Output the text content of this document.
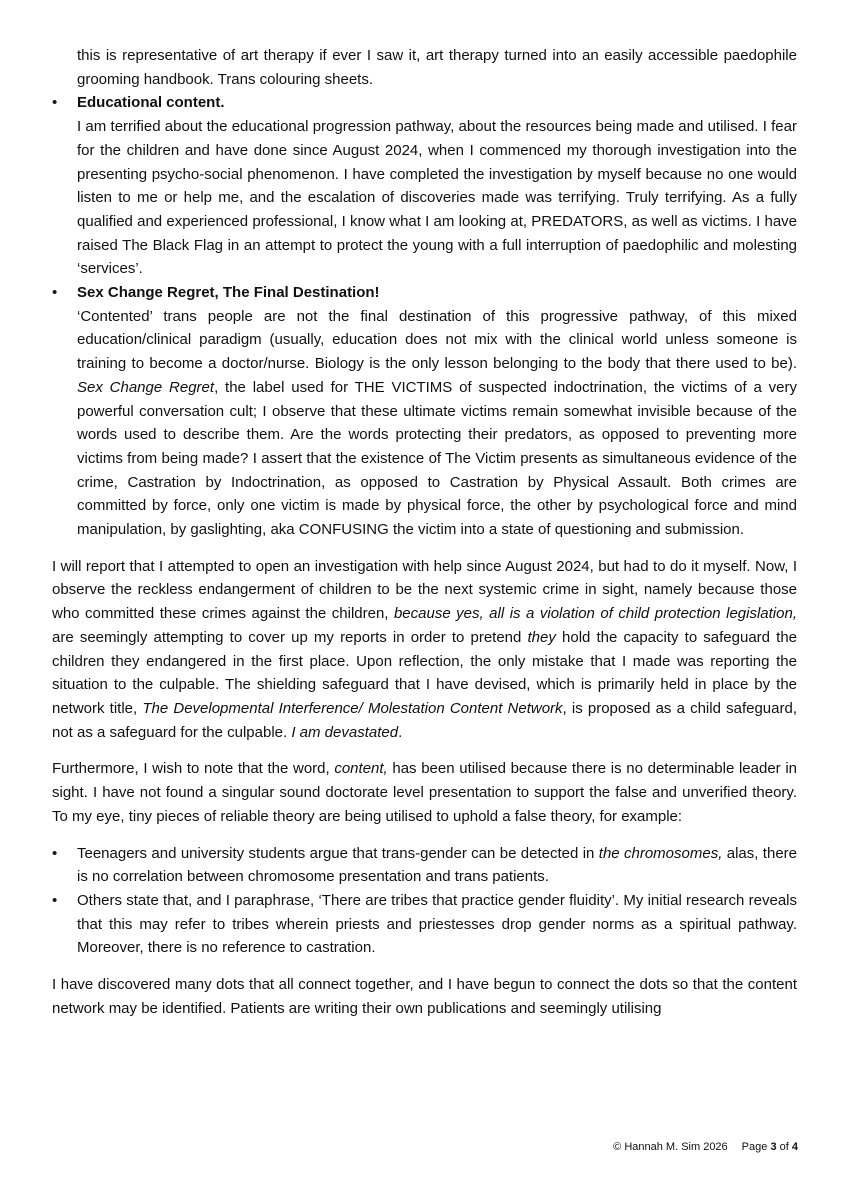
this is representative of art therapy if ever I saw it, art therapy turned into an easily accessible paedophile grooming handbook. Trans colouring sheets.

• Educational content.

I am terrified about the educational progression pathway, about the resources being made and utilised. I fear for the children and have done since August 2024, when I commenced my thorough investigation into the presenting psycho-social phenomenon. I have completed the investigation by myself because no one would listen to me or help me, and the escalation of discoveries made was terrifying. Truly terrifying. As a fully qualified and experienced professional, I know what I am looking at, PREDATORS, as well as victims. I have raised The Black Flag in an attempt to protect the young with a full interruption of paedophilic and molesting ‘services’.

• Sex Change Regret, The Final Destination!

‘Contented’ trans people are not the final destination of this progressive pathway, of this mixed education/clinical paradigm (usually, education does not mix with the clinical world unless someone is training to become a doctor/nurse. Biology is the only lesson belonging to the body that there used to be). Sex Change Regret, the label used for THE VICTIMS of suspected indoctrination, the victims of a very powerful conversation cult; I observe that these ultimate victims remain somewhat invisible because of the words used to describe them. Are the words protecting their predators, as opposed to preventing more victims from being made? I assert that the existence of The Victim presents as simultaneous evidence of the crime, Castration by Indoctrination, as opposed to Castration by Physical Assault. Both crimes are committed by force, only one victim is made by physical force, the other by psychological force and mind manipulation, by gaslighting, aka CONFUSING the victim into a state of questioning and submission.

I will report that I attempted to open an investigation with help since August 2024, but had to do it myself. Now, I observe the reckless endangerment of children to be the next systemic crime in sight, namely because those who committed these crimes against the children, because yes, all is a violation of child protection legislation, are seemingly attempting to cover up my reports in order to pretend they hold the capacity to safeguard the children they endangered in the first place. Upon reflection, the only mistake that I made was reporting the situation to the culpable. The shielding safeguard that I have devised, which is primarily held in place by the network title, The Developmental Interference/ Molestation Content Network, is proposed as a child safeguard, not as a safeguard for the culpable. I am devastated.

Furthermore, I wish to note that the word, content, has been utilised because there is no determinable leader in sight. I have not found a singular sound doctorate level presentation to support the false and unverified theory. To my eye, tiny pieces of reliable theory are being utilised to uphold a false theory, for example:

• Teenagers and university students argue that trans-gender can be detected in the chromosomes, alas, there is no correlation between chromosome presentation and trans patients.
• Others state that, and I paraphrase, ‘There are tribes that practice gender fluidity’. My initial research reveals that this may refer to tribes wherein priests and priestesses drop gender norms as a spiritual pathway. Moreover, there is no reference to castration.

I have discovered many dots that all connect together, and I have begun to connect the dots so that the content network may be identified. Patients are writing their own publications and seemingly utilising

© Hannah M. Sim 2026 Page 3 of 4
